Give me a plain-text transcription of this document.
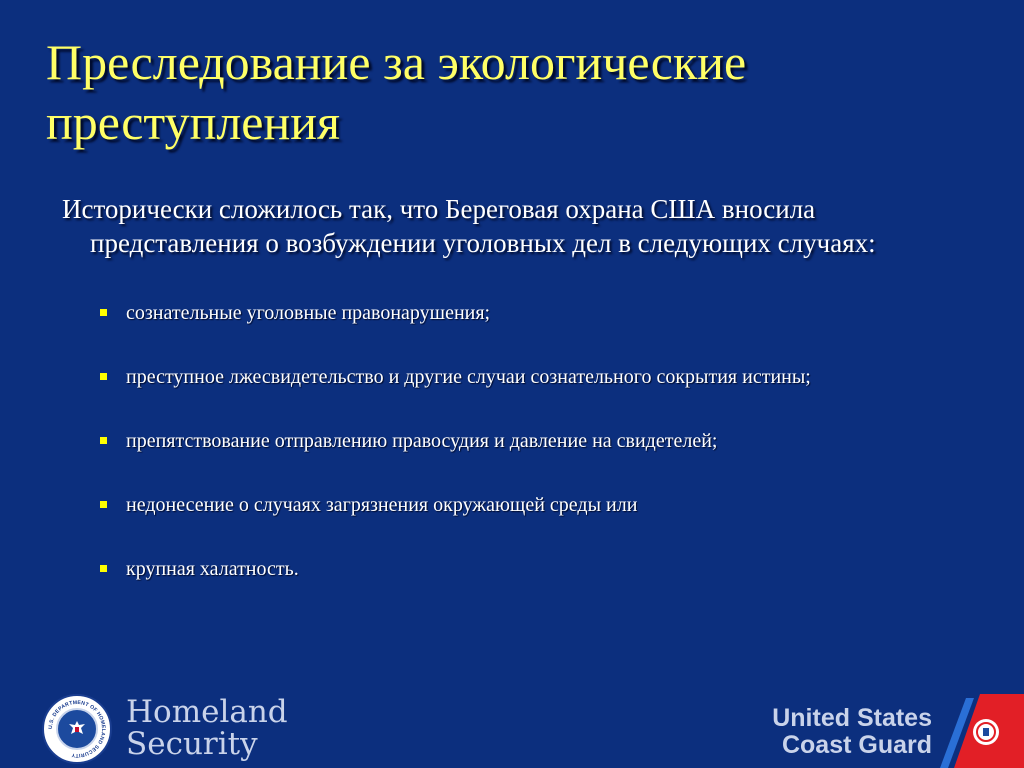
Преследование за экологические преступления
Исторически сложилось так, что Береговая охрана США вносила представления о возбуждении уголовных дел в следующих случаях:
сознательные уголовные правонарушения;
преступное лжесвидетельство и другие случаи сознательного сокрытия истины;
препятствование отправлению правосудия и давление на свидетелей;
недонесение о случаях загрязнения окружающей среды или
крупная халатность.
U.S. DEPARTMENT OF HOMELAND SECURITY
Homeland
Security
United States
Coast Guard
